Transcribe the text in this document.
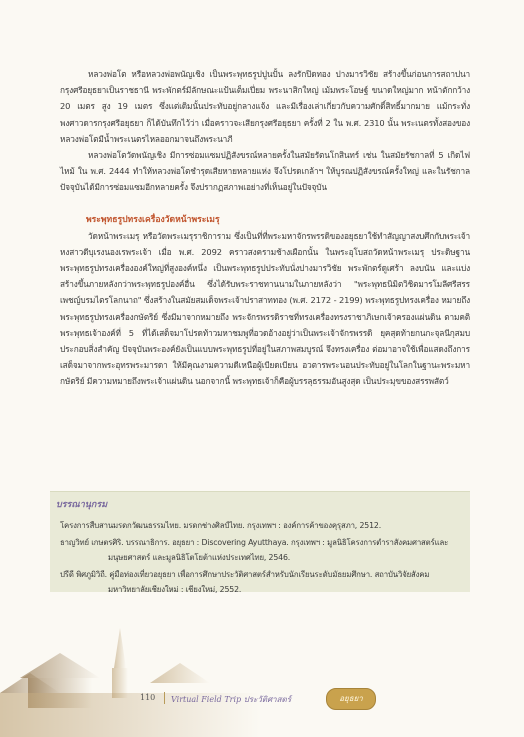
หลวงพ่อโต หรือหลวงพ่อพนัญเชิง เป็นพระพุทธรูปปูนปั้น ลงรักปิดทอง ปางมารวิชัย สร้างขึ้นก่อนการสถาปนากรุงศรีอยุธยาเป็นราชธานี พระพักตร์มีลักษณะแป้นเต็มเปี่ยม พระนาสิกใหญ่ เม้มพระโอษฐ์ ขนาดใหญ่มาก หน้าตักกว้าง 20 เมตร สูง 19 เมตร ซึ่งแต่เดิมนั้นประทับอยู่กลางแจ้ง และมีเรื่องเล่าเกี่ยวกับความศักดิ์สิทธิ์มากมาย แม้กระทั่งพงศาวดารกรุงศรีอยุธยา ก็ได้บันทึกไว้ว่า เมื่อคราวจะเสียกรุงศรีอยุธยา ครั้งที่ 2 ใน พ.ศ. 2310 นั้น พระเนตรทั้งสองของหลวงพ่อโตมีน้ำพระเนตรไหลออกมาจนถึงพระนาภี

หลวงพ่อโตวัดพนัญเชิง มีการซ่อมแซมปฏิสังขรณ์หลายครั้งในสมัยรัตนโกสินทร์ เช่น ในสมัยรัชกาลที่ 5 เกิดไฟไหม้ ใน พ.ศ. 2444 ทำให้หลวงพ่อโตชำรุดเสียหายหลายแห่ง จึงโปรดเกล้าฯ ให้บูรณปฏิสังขรณ์ครั้งใหญ่ และในรัชกาลปัจจุบันได้มีการซ่อมแซมอีกหลายครั้ง จึงปรากฏสภาพเอย่างที่เห็นอยู่ในปัจจุบัน

พระพุทธรูปทรงเครื่องวัดหน้าพระเมรุ

วัดหน้าพระเมรุ หรือวัดพระเมรุราชิการาม ซึ่งเป็นที่ที่พระมหาจักรพรรดิของอยุธยาใช้ทำสัญญาสงบศึกกับพระเจ้าหงสาวดีบุเรงนองเรพระเจ้า เมื่อ พ.ศ. 2092 คราวสงครามช้างเผือกนั้น ในพระอุโบสถวัดหน้าพระเมรุ ประดิษฐานพระพุทธรูปทรงเครื่ององค์ใหญ่ที่สูงองค์หนึ่ง เป็นพระพุทธรูปประทับนั่งปางมารวิชัย พระพักตร์ดูเศร้า ลงบนัน และแบ่งสร้างขึ้นภายหลังกว่าพระพุทธรูปองค์อื่น ซึ่งได้รับพระราชทานนามในภายหลังว่า "พระพุทธนิมิตวิชิตมารโมลีศรีสรรเพชญ์บรมไตรโลกนาถ" ซึ่งสร้างในสมัยสมเด็จพระเจ้าปราสาททอง (พ.ศ. 2172 - 2199) พระพุทธรูปทรงเครื่อง หมายถึง พระพุทธรูปทรงเครื่องกษัตริย์ ซึ่งมีมาจากหมายถึง พระจักรพรรดิราชที่ทรงเครื่องทรงราชาภิเษกเจ้าครองแผ่นดิน ตามคติพระพุทธเจ้าองค์ที่ 5 ที่ได้เสด็จมาโปรดท้าวมหาชมพูที่อวดอ้างอยู่ว่าเป็นพระเจ้าจักรพรรดิ ยุคสุดท้ายกนกะจุลนีกุสมบประกอบสิ่งสำคัญ ปัจจุบันพระองค์ยังเป็นแบบพระพุทธรูปที่อยู่ในสภาพสมบูรณ์ จึงทรงเครื่อง ต่อมาอาจใช้เพื่อแสดงถึงการเสด็จมาจากพระอุทรพระมารดา ให้มีคุณงามความดีเหนือผู้เบียดเบียน อวตารพระนอนประทับอยู่ในโลกในฐานะพระมหากษัตริย์ มีความหมายถึงพระเจ้าแผ่นดิน นอกจากนี้ พระพุทธเจ้าก็คือผู้บรรลุธรรมอันสูงสุด เป็นประมุขของสรรพสัตว์

บรรณานุกรม

โครงการสืบสานมรดกวัฒนธรรมไทย. มรดกช่างศิลป์ไทย. กรุงเทพฯ : องค์การค้าของคุรุสภา, 2512.

ธาญวิทย์ เกษตรศิริ. บรรณาธิการ. อยุธยา : Discovering Ayutthaya. กรุงเทพฯ : มูลนิธิโครงการตำราสังคมศาสตร์และมนุษยศาสตร์ และมูลนิธิโตโยต้าแห่งประเทศไทย, 2546.

ปรีดี พิศภูมิวิถี. คู่มือท่องเที่ยวอยุธยา เพื่อการศึกษาประวัติศาสตร์สำหรับนักเรียนระดับมัธยมศึกษา. สถาบันวิจัยสังคม มหาวิทยาลัยเชียงใหม่ : เชียงใหม่, 2552.

110 Virtual Field Trip ประวัติศาสตร์	อยุธยา
